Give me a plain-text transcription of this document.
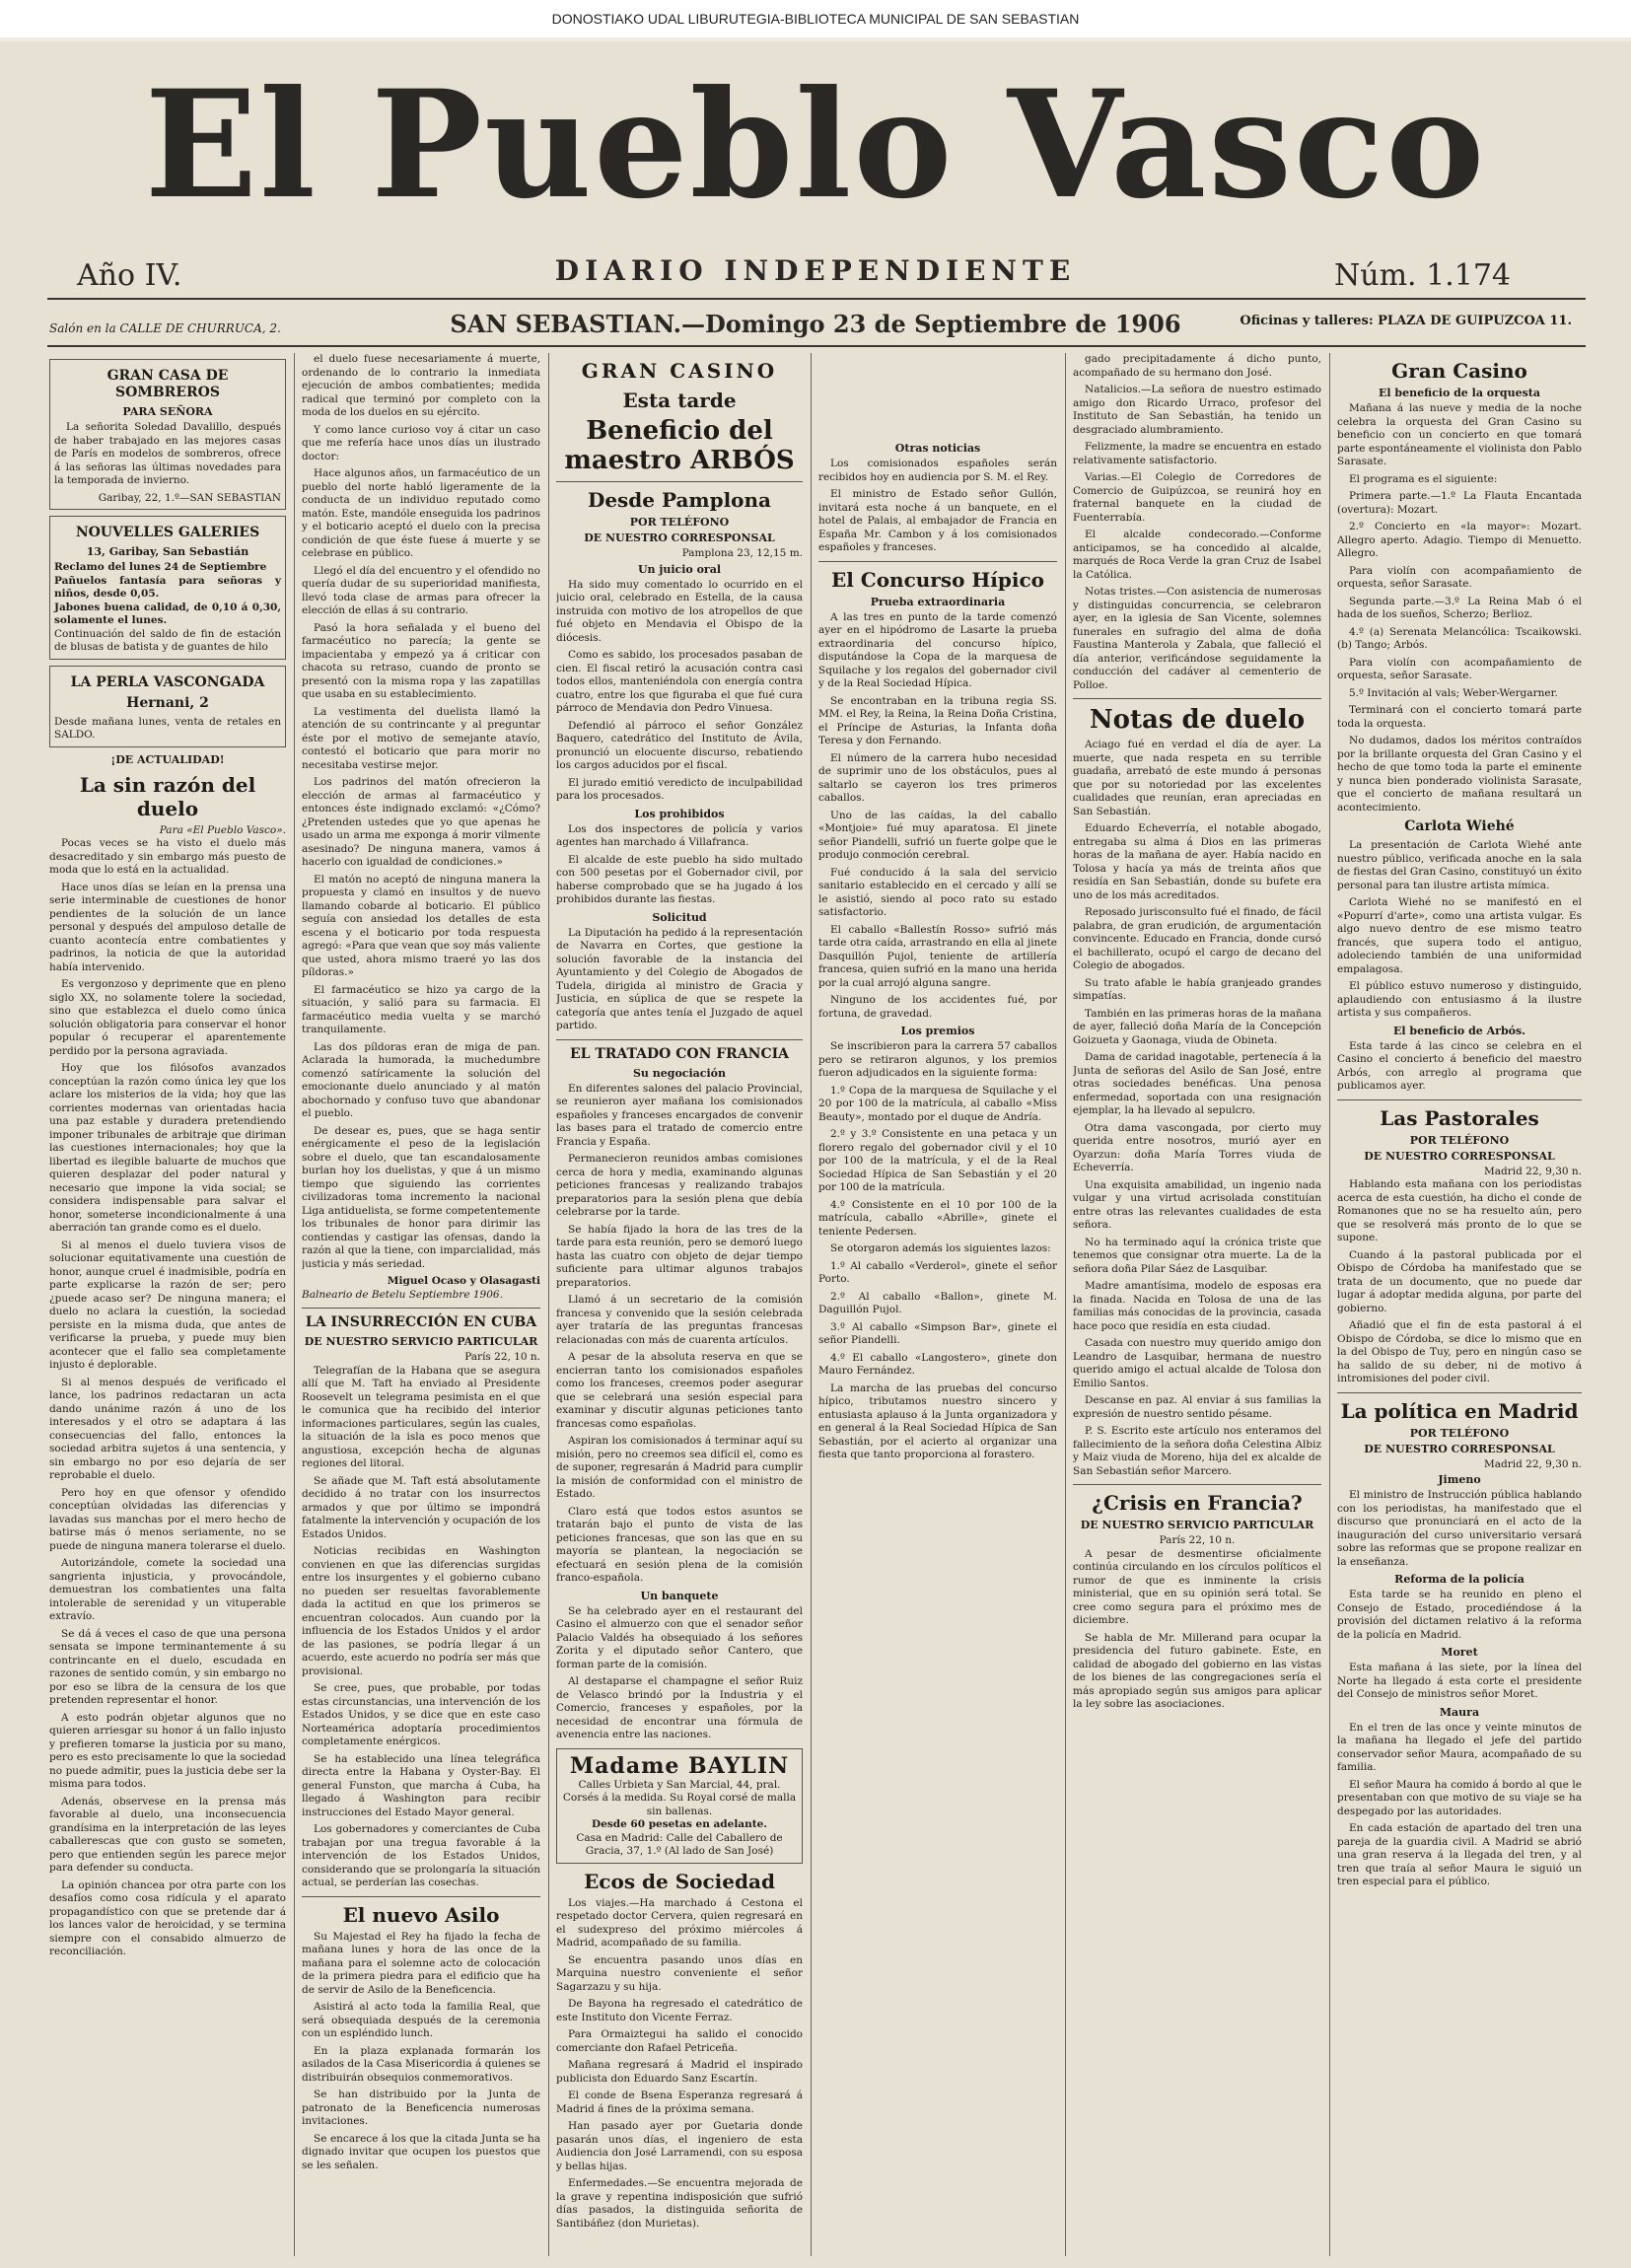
DONOSTIAKO UDAL LIBURUTEGIA-BIBLIOTECA MUNICIPAL DE SAN SEBASTIAN
Año IV.
El Pueblo Vasco
Núm. 1.174
DIARIO INDEPENDIENTE
Salón en la CALLE DE CHURRUCA, 2.	SAN SEBASTIAN.—Domingo 23 de Septiembre de 1906	Oficinas y talleres: PLAZA DE GUIPUZCOA 11.
GRAN CASA DE SOMBREROS
PARA SEÑORA

La señorita Soledad Davalillo, después de haber trabajado en las mejores casas de París en modelos de sombreros, ofrece á las señoras las últimas novedades para la temporada de invierno.

Garibay, 22, 1.º—SAN SEBASTIAN
NOUVELLES GALERIES
13, Garibay, San Sebastián
Reclamo del lunes 24 de Septiembre
Pañuelos fantasía para señoras y niños, desde 0,05.
Jabones buena calidad, de 0,10 á 0,30, solamente el lunes.
Continuación del saldo de fin de estación de blusas de batista y de guantes de hilo
LA PERLA VASCONGADA
Hernani, 2
Desde mañana lunes, venta de retales en SALDO.
¡DE ACTUALIDAD!
La sin razón del duelo
Para «El Pueblo Vasco».

Pocas veces se ha visto el duelo más desacreditado y sin embargo más puesto de moda que lo está en la actualidad.

Hace unos días se leían en la prensa una serie interminable de cuestiones de honor pendientes de la solución de un lance personal y después del ampuloso detalle de cuanto acontecía entre combatientes y padrinos, la noticia de que la autoridad había intervenido.

Es vergonzoso y deprimente que en pleno siglo XX, no solamente tolere la sociedad, sino que establezca el duelo como única solución obligatoria para conservar el honor popular ó recuperar el aparentemente perdido por la persona agraviada.

Hoy que los filósofos avanzados conceptúan la razón como única ley que los aclare los misterios de la vida; hoy que las corrientes modernas van orientadas hacia una paz estable y duradera pretendiendo imponer tribunales de arbitraje que diriman las cuestiones internacionales; hoy que la libertad es ilegible baluarte de muchos que quieren desplazar del poder natural y necesario que impone la vida social; se considera indispensable para salvar el honor, someterse incondicionalmente á una aberración tan grande como es el duelo.

Si al menos el duelo tuviera visos de solucionar equitativamente una cuestión de honor, aunque cruel é inadmisible, podría en parte explicarse la razón de ser; pero ¿puede acaso ser? De ninguna manera; el duelo no aclara la cuestión, la sociedad persiste en la misma duda, que antes de verificarse la prueba, y puede muy bien acontecer que el fallo sea completamente injusto é deplorable.

Si al menos después de verificado el lance, los padrinos redactaran un acta dando unánime razón á uno de los interesados y el otro se adaptara á las consecuencias del fallo, entonces la sociedad arbitra sujetos á una sentencia, y sin embargo no por eso dejaría de ser reprobable el duelo.

Pero hoy en que ofensor y ofendido conceptúan olvidadas las diferencias y lavadas sus manchas por el mero hecho de batirse más ó menos seriamente, no se puede de ninguna manera tolerarse el duelo.

Autorizándole, comete la sociedad una sangrienta injusticia, y provocándole, demuestran los combatientes una falta intolerable de serenidad y un vituperable extravío.

Se dá á veces el caso de que una persona sensata se impone terminantemente á su contrincante en el duelo, escudada en razones de sentido común, y sin embargo no por eso se libra de la censura de los que pretenden representar el honor.

A esto podrán objetar algunos que no quieren arriesgar su honor á un fallo injusto y prefieren tomarse la justicia por su mano, pero es esto precisamente lo que la sociedad no puede admitir, pues la justicia debe ser la misma para todos.

Adenás, observese en la prensa más favorable al duelo, una inconsecuencia grandísima en la interpretación de las leyes caballerescas que con gusto se someten, pero que entienden según les parece mejor para defender su conducta.

La opinión chancea por otra parte con los desafíos como cosa ridícula y el aparato propagandístico con que se pretende dar á los lances valor de heroicidad, y se termina siempre con el consabido almuerzo de reconciliación.

el duelo fuese necesariamente á muerte, ordenando de lo contrario la inmediata ejecución de ambos combatientes; medida radical que terminó por completo con la moda de los duelos en su ejército.

Y como lance curioso voy á citar un caso que me refería hace unos días un ilustrado doctor:

Hace algunos años, un farmacéutico de un pueblo del norte habló ligeramente de la conducta de un individuo reputado como matón. Este, mandóle enseguida los padrinos y el boticario aceptó el duelo con la precisa condición de que éste fuese á muerte y se celebrase en público.

Llegó el día del encuentro y el ofendido no quería dudar de su superioridad manifiesta, llevó toda clase de armas para ofrecer la elección de ellas á su contrario.

Pasó la hora señalada y el bueno del farmacéutico no parecía; la gente se impacientaba y empezó ya á criticar con chacota su retraso, cuando de pronto se presentó con la misma ropa y las zapatillas que usaba en su establecimiento.

La vestimenta del duelista llamó la atención de su contrincante y al preguntar éste por el motivo de semejante atavío, contestó el boticario que para morir no necesitaba vestirse mejor.

Los padrinos del matón ofrecieron la elección de armas al farmacéutico y entonces éste indignado exclamó: «¿Cómo? ¿Pretenden ustedes que yo que apenas he usado un arma me exponga á morir vilmente asesinado? De ninguna manera, vamos á hacerlo con igualdad de condiciones.»

El matón no aceptó de ninguna manera la propuesta y clamó en insultos y de nuevo llamando cobarde al boticario. El público seguía con ansiedad los detalles de esta escena y el boticario por toda respuesta agregó: «Para que vean que soy más valiente que usted, ahora mismo traeré yo las dos píldoras.»

El farmacéutico se hizo ya cargo de la situación, y salió para su farmacia. El farmacéutico media vuelta y se marchó tranquilamente.

Las dos píldoras eran de miga de pan. Aclarada la humorada, la muchedumbre comenzó satíricamente la solución del emocionante duelo anunciado y al matón abochornado y confuso tuvo que abandonar el pueblo.

De desear es, pues, que se haga sentir enérgicamente el peso de la legislación sobre el duelo, que tan escandalosamente burlan hoy los duelistas, y que á un mismo tiempo que siguiendo las corrientes civilizadoras toma incremento la nacional Liga antiduelista, se forme competentemente los tribunales de honor para dirimir las contiendas y castigar las ofensas, dando la razón al que la tiene, con imparcialidad, más justicia y más seriedad.

Miguel Ocaso y Olasagasti
Balneario de Betelu Septiembre 1906.
LA INSURRECCIÓN EN CUBA
DE NUESTRO SERVICIO PARTICULAR
París 22, 10 n.

Telegrafían de la Habana que se asegura allí que M. Taft ha enviado al Presidente Roosevelt un telegrama pesimista en el que le comunica que ha recibido del interior informaciones particulares, según las cuales, la situación de la isla es poco menos que angustiosa, excepción hecha de algunas regiones del litoral.

Se añade que M. Taft está absolutamente decidido á no tratar con los insurrectos armados y que por último se impondrá fatalmente la intervención y ocupación de los Estados Unidos.

Noticias recibidas en Washington convienen en que las diferencias surgidas entre los insurgentes y el gobierno cubano no pueden ser resueltas favorablemente dada la actitud en que los primeros se encuentran colocados. Aun cuando por la influencia de los Estados Unidos y el ardor de las pasiones, se podría llegar á un acuerdo, este acuerdo no podría ser más que provisional.

Se cree, pues, que probable, por todas estas circunstancias, una intervención de los Estados Unidos, y se dice que en este caso Norteamérica adoptaría procedimientos completamente enérgicos.

Se ha establecido una línea telegráfica directa entre la Habana y Oyster-Bay. El general Funston, que marcha á Cuba, ha llegado á Washington para recibir instrucciones del Estado Mayor general.

Los gobernadores y comerciantes de Cuba trabajan por una tregua favorable á la intervención de los Estados Unidos, considerando que se prolongaría la situación actual, se perderían las cosechas.

El nuevo Asilo

Su Majestad el Rey ha fijado la fecha de mañana lunes y hora de las once de la mañana para el solemne acto de colocación de la primera piedra para el edificio que ha de servir de Asilo de la Beneficencia.

Asistirá al acto toda la familia Real, que será obsequiada después de la ceremonia con un espléndido lunch.

En la plaza explanada formarán los asilados de la Casa Misericordia á quienes se distribuirán obsequios conmemorativos.

Se han distribuido por la Junta de patronato de la Beneficencia numerosas invitaciones.

Se encarece á los que la citada Junta se ha dignado invitar que ocupen los puestos que se les señalen.

GRAN CASINO
Esta tarde
Beneficio del maestro ARBÓS
Desde Pamplona
POR TELÉFONO
DE NUESTRO CORRESPONSAL
Pamplona 23, 12,15 m.
Un juicio oral

Ha sido muy comentado lo ocurrido en el juicio oral, celebrado en Estella, de la causa instruida con motivo de los atropellos de que fué objeto en Mendavia el Obispo de la diócesis.

Como es sabido, los procesados pasaban de cien. El fiscal retiró la acusación contra casi todos ellos, manteniéndola con energía contra cuatro, entre los que figuraba el que fué cura párroco de Mendavia don Pedro Vinuesa.

Defendió al párroco el señor González Baquero, catedrático del Instituto de Ávila, pronunció un elocuente discurso, rebatiendo los cargos aducidos por el fiscal.

El jurado emitió veredicto de inculpabilidad para los procesados.

Los prohibidos

Los dos inspectores de policía y varios agentes han marchado á Villafranca.

El alcalde de este pueblo ha sido multado con 500 pesetas por el Gobernador civil, por haberse comprobado que se ha jugado á los prohibidos durante las fiestas.

Solicitud

La Diputación ha pedido á la representación de Navarra en Cortes, que gestione la solución favorable de la instancia del Ayuntamiento y del Colegio de Abogados de Tudela, dirigida al ministro de Gracia y Justicia, en súplica de que se respete la categoría que antes tenía el Juzgado de aquel partido.

EL TRATADO CON FRANCIA
Su negociación

En diferentes salones del palacio Provincial, se reunieron ayer mañana los comisionados españoles y franceses encargados de convenir las bases para el tratado de comercio entre Francia y España.

Permanecieron reunidos ambas comisiones cerca de hora y media, examinando algunas peticiones francesas y realizando trabajos preparatorios para la sesión plena que debía celebrarse por la tarde.

Se había fijado la hora de las tres de la tarde para esta reunión, pero se demoró luego hasta las cuatro con objeto de dejar tiempo suficiente para ultimar algunos trabajos preparatorios.

Llamó á un secretario de la comisión francesa y convenido que la sesión celebrada ayer trataría de las preguntas francesas relacionadas con más de cuarenta artículos.

A pesar de la absoluta reserva en que se encierran tanto los comisionados españoles como los franceses, creemos poder asegurar que se celebrará una sesión especial para examinar y discutir algunas peticiones tanto francesas como españolas.

Aspiran los comisionados á terminar aquí su misión, pero no creemos sea difícil el, como es de suponer, regresarán á Madrid para cumplir la misión de conformidad con el ministro de Estado.

Claro está que todos estos asuntos se tratarán bajo el punto de vista de las peticiones francesas, que son las que en su mayoría se plantean, la negociación se efectuará en sesión plena de la comisión franco-española.

Un banquete

Se ha celebrado ayer en el restaurant del Casino el almuerzo con que el senador señor Palacio Valdés ha obsequiado á los señores Zorita y el diputado señor Cantero, que forman parte de la comisión.

Al destaparse el champagne el señor Ruiz de Velasco brindó por la Industria y el Comercio, franceses y españoles, por la necesidad de encontrar una fórmula de avenencia entre las naciones.

Madame BAYLIN
Calles Urbieta y San Marcial, 44, pral. Corsés á la medida. Su Royal corsé de malla sin ballenas.
Desde 60 pesetas en adelante.
Casa en Madrid: Calle del Caballero de Gracia, 37, 1.º (Al lado de San José)
Ecos de Sociedad

Los viajes.—Ha marchado á Cestona el respetado doctor Cervera, quien regresará en el sudexpreso del próximo miércoles á Madrid, acompañado de su familia.

Se encuentra pasando unos días en Marquina nuestro conveniente el señor Sagarzazu y su hija.

De Bayona ha regresado el catedrático de este Instituto don Vicente Ferraz.

Para Ormaiztegui ha salido el conocido comerciante don Rafael Petriceña.

Mañana regresará á Madrid el inspirado publicista don Eduardo Sanz Escartín.

El conde de Bsena Esperanza regresará á Madrid á fines de la próxima semana.

Han pasado ayer por Guetaria donde pasarán unos días, el ingeniero de esta Audiencia don José Larramendi, con su esposa y bellas hijas.

Enfermedades.—Se encuentra mejorada de la grave y repentina indisposición que sufrió días pasados, la distinguida señorita de Santibáñez (don Murietas).

Otras noticias

Los comisionados españoles serán recibidos hoy en audiencia por S. M. el Rey.

El ministro de Estado señor Gullón, invitará esta noche á un banquete, en el hotel de Palais, al embajador de Francia en España Mr. Cambon y á los comisionados españoles y franceses.

El Concurso Hípico
Prueba extraordinaria

A las tres en punto de la tarde comenzó ayer en el hipódromo de Lasarte la prueba extraordinaria del concurso hípico, disputándose la Copa de la marquesa de Squilache y los regalos del gobernador civil y de la Real Sociedad Hípica.

Se encontraban en la tribuna regia SS. MM. el Rey, la Reina, la Reina Doña Cristina, el Príncipe de Asturias, la Infanta doña Teresa y don Fernando.

El número de la carrera hubo necesidad de suprimir uno de los obstáculos, pues al saltarlo se cayeron los tres primeros caballos.

Uno de las caídas, la del caballo «Montjoie» fué muy aparatosa. El jinete señor Piandelli, sufrió un fuerte golpe que le produjo conmoción cerebral.

Fué conducido á la sala del servicio sanitario establecido en el cercado y allí se le asistió, siendo al poco rato su estado satisfactorio.

El caballo «Ballestín Rosso» sufrió más tarde otra caída, arrastrando en ella al jinete Dasquillón Pujol, teniente de artillería francesa, quien sufrió en la mano una herida por la cual arrojó alguna sangre.

Ninguno de los accidentes fué, por fortuna, de gravedad.

Los premios

Se inscribieron para la carrera 57 caballos pero se retiraron algunos, y los premios fueron adjudicados en la siguiente forma:

1.º Copa de la marquesa de Squilache y el 20 por 100 de la matrícula, al caballo «Miss Beauty», montado por el duque de Andría.

2.º y 3.º Consistente en una petaca y un florero regalo del gobernador civil y el 10 por 100 de la matrícula, y el de la Real Sociedad Hípica de San Sebastián y el 20 por 100 de la matrícula.

4.º Consistente en el 10 por 100 de la matrícula, caballo «Abrille», ginete el teniente Pedersen.

Se otorgaron además los siguientes lazos:

1.º Al caballo «Verderol», ginete el señor Porto.

2.º Al caballo «Ballon», ginete M. Daguillón Pujol.

3.º Al caballo «Simpson Bar», ginete el señor Piandelli.

4.º El caballo «Langostero», ginete don Mauro Fernández.

La marcha de las pruebas del concurso hípico, tributamos nuestro sincero y entusiasta aplauso á la Junta organizadora y en general á la Real Sociedad Hípica de San Sebastián, por el acierto al organizar una fiesta que tanto proporciona al forastero.

gado precipitadamente á dicho punto, acompañado de su hermano don José.

Natalicios.—La señora de nuestro estimado amigo don Ricardo Urraco, profesor del Instituto de San Sebastián, ha tenido un desgraciado alumbramiento.

Felizmente, la madre se encuentra en estado relativamente satisfactorio.

Varias.—El Colegio de Corredores de Comercio de Guipúzcoa, se reunirá hoy en fraternal banquete en la ciudad de Fuenterrabía.

El alcalde condecorado.—Conforme anticipamos, se ha concedido al alcalde, marqués de Roca Verde la gran Cruz de Isabel la Católica.

Notas tristes.—Con asistencia de numerosas y distinguidas concurrencia, se celebraron ayer, en la iglesia de San Vicente, solemnes funerales en sufragio del alma de doña Faustina Manterola y Zabala, que falleció el día anterior, verificándose seguidamente la conducción del cadáver al cementerio de Polloe.

Notas de duelo

Aciago fué en verdad el día de ayer. La muerte, que nada respeta en su terrible guadaña, arrebató de este mundo á personas que por su notoriedad por las excelentes cualidades que reunían, eran apreciadas en San Sebastián.

Eduardo Echeverría, el notable abogado, entregaba su alma á Dios en las primeras horas de la mañana de ayer. Había nacido en Tolosa y hacía ya más de treinta años que residía en San Sebastián, donde su bufete era uno de los más acreditados.

Reposado jurisconsulto fué el finado, de fácil palabra, de gran erudición, de argumentación convincente. Educado en Francia, donde cursó el bachillerato, ocupó el cargo de decano del Colegio de abogados.

Su trato afable le había granjeado grandes simpatías.

También en las primeras horas de la mañana de ayer, falleció doña María de la Concepción Goizueta y Gaonaga, viuda de Obineta.

Dama de caridad inagotable, pertenecía á la Junta de señoras del Asilo de San José, entre otras sociedades benéficas. Una penosa enfermedad, soportada con una resignación ejemplar, la ha llevado al sepulcro.

Otra dama vascongada, por cierto muy querida entre nosotros, murió ayer en Oyarzun: doña María Torres viuda de Echeverría.

Una exquisita amabilidad, un ingenio nada vulgar y una virtud acrisolada constituían entre otras las relevantes cualidades de esta señora.

No ha terminado aquí la crónica triste que tenemos que consignar otra muerte. La de la señora doña Pilar Sáez de Lasquibar.

Madre amantísima, modelo de esposas era la finada. Nacida en Tolosa de una de las familias más conocidas de la provincia, casada hace poco que residía en esta ciudad.

Casada con nuestro muy querido amigo don Leandro de Lasquibar, hermana de nuestro querido amigo el actual alcalde de Tolosa don Emilio Santos.

Descanse en paz. Al enviar á sus familias la expresión de nuestro sentido pésame.

P. S. Escrito este artículo nos enteramos del fallecimiento de la señora doña Celestina Albiz y Maiz viuda de Moreno, hija del ex alcalde de San Sebastián señor Marcero.

¿Crisis en Francia?
DE NUESTRO SERVICIO PARTICULAR
París 22, 10 n.

A pesar de desmentirse oficialmente continúa circulando en los círculos políticos el rumor de que es inminente la crisis ministerial, que en su opinión será total. Se cree como segura para el próximo mes de diciembre.

Se habla de Mr. Millerand para ocupar la presidencia del futuro gabinete. Este, en calidad de abogado del gobierno en las vistas de los bienes de las congregaciones sería el más apropiado según sus amigos para aplicar la ley sobre las asociaciones.

Gran Casino
El beneficio de la orquesta

Mañana á las nueve y media de la noche celebra la orquesta del Gran Casino su beneficio con un concierto en que tomará parte espontáneamente el violinista don Pablo Sarasate.

El programa es el siguiente:

Primera parte.—1.º La Flauta Encantada (overtura): Mozart.

2.º Concierto en «la mayor»: Mozart. Allegro aperto. Adagio. Tiempo di Menuetto. Allegro.

Para violín con acompañamiento de orquesta, señor Sarasate.

Segunda parte.—3.º La Reina Mab ó el hada de los sueños, Scherzo; Berlioz.

4.º (a) Serenata Melancólica: Tscaikowski. (b) Tango; Arbós.

Para violín con acompañamiento de orquesta, señor Sarasate.

5.º Invitación al vals; Weber-Wergarner.

Terminará con el concierto tomará parte toda la orquesta.

No dudamos, dados los méritos contraídos por la brillante orquesta del Gran Casino y el hecho de que tomo toda la parte el eminente y nunca bien ponderado violinista Sarasate, que el concierto de mañana resultará un acontecimiento.

Carlota Wiehé

La presentación de Carlota Wiehé ante nuestro público, verificada anoche en la sala de fiestas del Gran Casino, constituyó un éxito personal para tan ilustre artista mímica.

Carlota Wiehé no se manifestó en el «Popurrí d'arte», como una artista vulgar. Es algo nuevo dentro de ese mismo teatro francés, que supera todo el antiguo, adoleciendo también de una uniformidad empalagosa.

El público estuvo numeroso y distinguido, aplaudiendo con entusiasmo á la ilustre artista y sus compañeros.

El beneficio de Arbós.

Esta tarde á las cinco se celebra en el Casino el concierto á beneficio del maestro Arbós, con arreglo al programa que publicamos ayer.

Las Pastorales
POR TELÉFONO
DE NUESTRO CORRESPONSAL
Madrid 22, 9,30 n.

Hablando esta mañana con los periodistas acerca de esta cuestión, ha dicho el conde de Romanones que no se ha resuelto aún, pero que se resolverá más pronto de lo que se supone.

Cuando á la pastoral publicada por el Obispo de Córdoba ha manifestado que se trata de un documento, que no puede dar lugar á adoptar medida alguna, por parte del gobierno.

Añadió que el fin de esta pastoral á el Obispo de Córdoba, se dice lo mismo que en la del Obispo de Tuy, pero en ningún caso se ha salido de su deber, ni de motivo á intromisiones del poder civil.

La política en Madrid
POR TELÉFONO
DE NUESTRO CORRESPONSAL
Madrid 22, 9,30 n.
Jimeno

El ministro de Instrucción pública hablando con los periodistas, ha manifestado que el discurso que pronunciará en el acto de la inauguración del curso universitario versará sobre las reformas que se propone realizar en la enseñanza.

Reforma de la policía

Esta tarde se ha reunido en pleno el Consejo de Estado, procediéndose á la provisión del dictamen relativo á la reforma de la policía en Madrid.

Moret

Esta mañana á las siete, por la línea del Norte ha llegado á esta corte el presidente del Consejo de ministros señor Moret.

Maura

En el tren de las once y veinte minutos de la mañana ha llegado el jefe del partido conservador señor Maura, acompañado de su familia.

El señor Maura ha comido á bordo al que le presentaban con que motivo de su viaje se ha despegado por las autoridades.

En cada estación de apartado del tren una pareja de la guardia civil. A Madrid se abrió una gran reserva á la llegada del tren, y al tren que traía al señor Maura le siguió un tren especial para el público.
